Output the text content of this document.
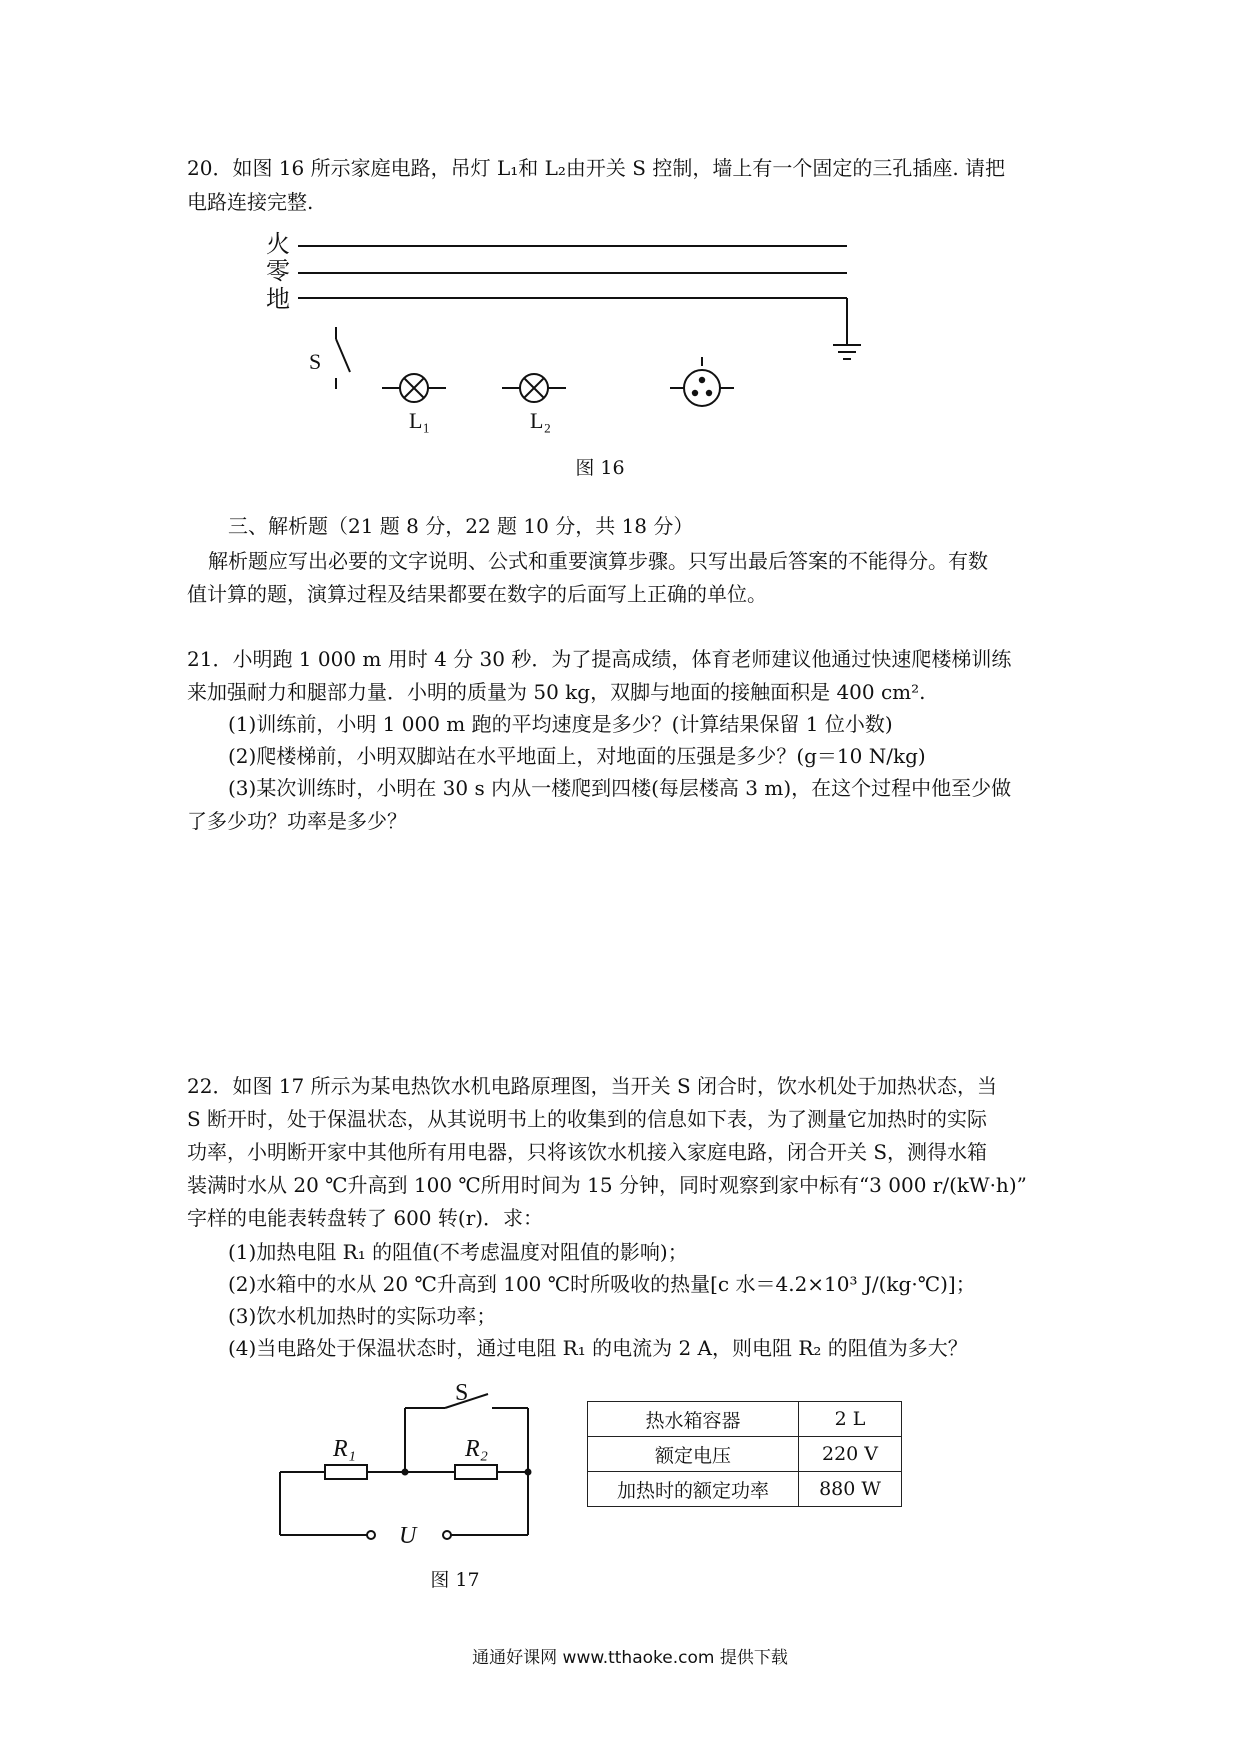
20．如图 16 所示家庭电路，吊灯 L₁和 L₂由开关 S 控制，墙上有一个固定的三孔插座. 请把
电路连接完整.
火
零
地
S
L₁	L₂
图 16
三、解析题（21 题 8 分，22 题 10 分，共 18 分）
解析题应写出必要的文字说明、公式和重要演算步骤。只写出最后答案的不能得分。有数
值计算的题，演算过程及结果都要在数字的后面写上正确的单位。
21．小明跑 1 000 m 用时 4 分 30 秒．为了提高成绩，体育老师建议他通过快速爬楼梯训练
来加强耐力和腿部力量．小明的质量为 50 kg，双脚与地面的接触面积是 400 cm².
(1)训练前，小明 1 000 m 跑的平均速度是多少？(计算结果保留 1 位小数)
(2)爬楼梯前，小明双脚站在水平地面上，对地面的压强是多少？(g＝10 N/kg)
(3)某次训练时，小明在 30 s 内从一楼爬到四楼(每层楼高 3 m)，在这个过程中他至少做
了多少功？功率是多少？
22．如图 17 所示为某电热饮水机电路原理图，当开关 S 闭合时，饮水机处于加热状态，当
S 断开时，处于保温状态，从其说明书上的收集到的信息如下表，为了测量它加热时的实际
功率，小明断开家中其他所有用电器，只将该饮水机接入家庭电路，闭合开关 S，测得水箱
装满时水从 20 ℃升高到 100 ℃所用时间为 15 分钟，同时观察到家中标有“3 000 r/(kW·h)”
字样的电能表转盘转了 600 转(r)．求：
(1)加热电阻 R₁ 的阻值(不考虑温度对阻值的影响)；
(2)水箱中的水从 20 ℃升高到 100 ℃时所吸收的热量[c 水＝4.2×10³ J/(kg·℃)]；
(3)饮水机加热时的实际功率；
(4)当电路处于保温状态时，通过电阻 R₁ 的电流为 2 A，则电阻 R₂ 的阻值为多大？
S
R₁	R₂
U
图 17
热水箱容器	2 L
额定电压	220 V
加热时的额定功率	880 W
通通好课网 www.tthaoke.com 提供下载
